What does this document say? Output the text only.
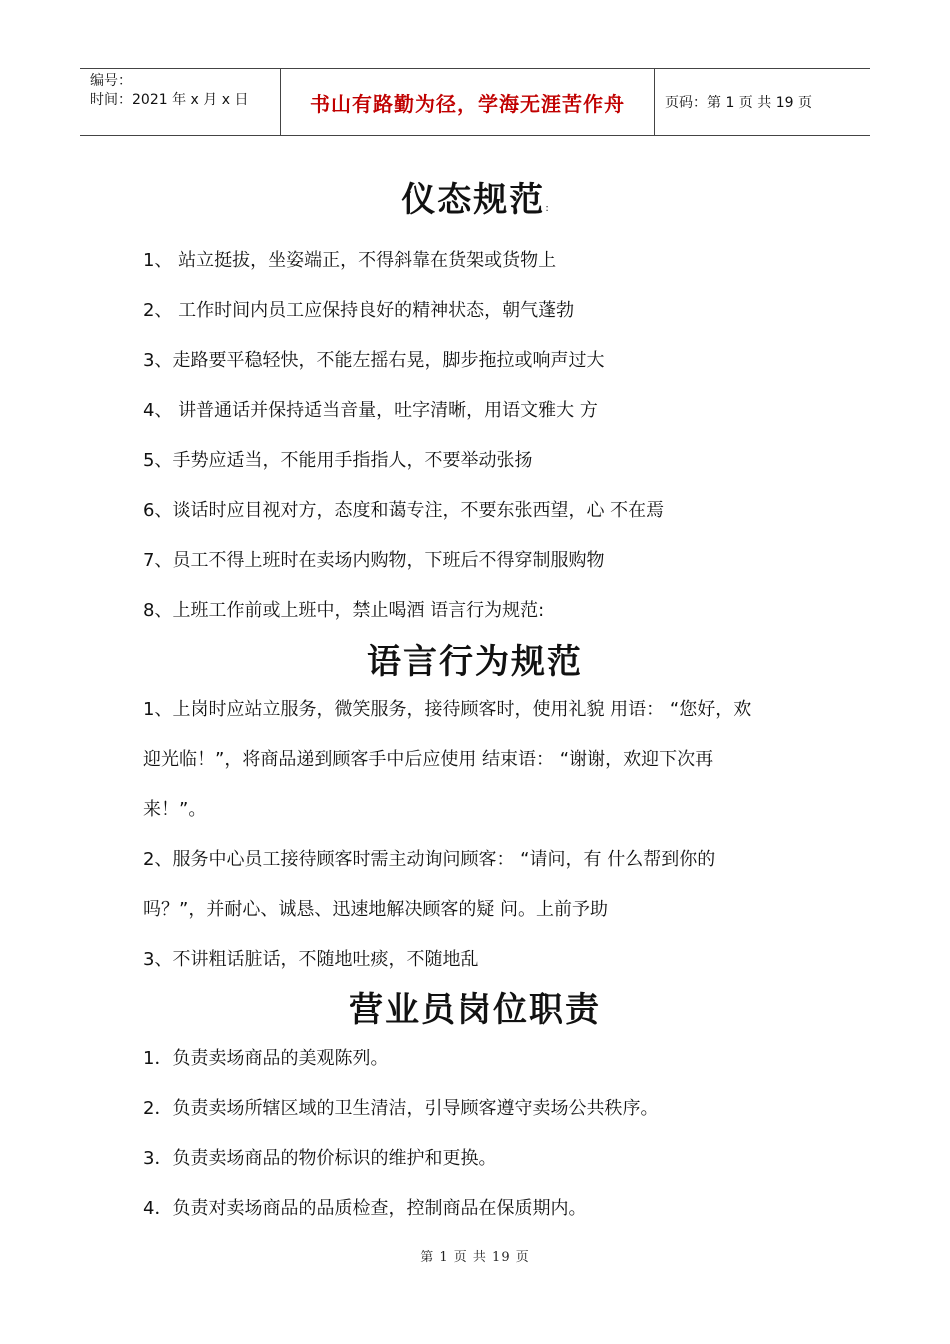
编号：
时间：2021 年 x 月 x 日	书山有路勤为径，学海无涯苦作舟	页码：第 1 页 共 19 页
仪态规范:
1、 站立挺拔，坐姿端正，不得斜靠在货架或货物上
2、 工作时间内员工应保持良好的精神状态，朝气蓬勃
3、走路要平稳轻快，不能左摇右晃，脚步拖拉或响声过大
4、 讲普通话并保持适当音量，吐字清晰，用语文雅大 方
5、手势应适当，不能用手指指人，不要举动张扬
6、谈话时应目视对方，态度和蔼专注，不要东张西望，心 不在焉
7、员工不得上班时在卖场内购物，下班后不得穿制服购物
8、上班工作前或上班中，禁止喝酒 语言行为规范:
语言行为规范
1、上岗时应站立服务，微笑服务，接待顾客时，使用礼貌 用语： “您好，欢
迎光临！”，将商品递到顾客手中后应使用 结束语： “谢谢，欢迎下次再
来！”。
2、服务中心员工接待顾客时需主动询问顾客： “请问，有 什么帮到你的
吗？”，并耐心、诚恳、迅速地解决顾客的疑 问。上前予助
3、不讲粗话脏话，不随地吐痰，不随地乱
营业员岗位职责
1．负责卖场商品的美观陈列。
2．负责卖场所辖区域的卫生清洁，引导顾客遵守卖场公共秩序。
3．负责卖场商品的物价标识的维护和更换。
4．负责对卖场商品的品质检查，控制商品在保质期内。
第 1 页 共 19 页
